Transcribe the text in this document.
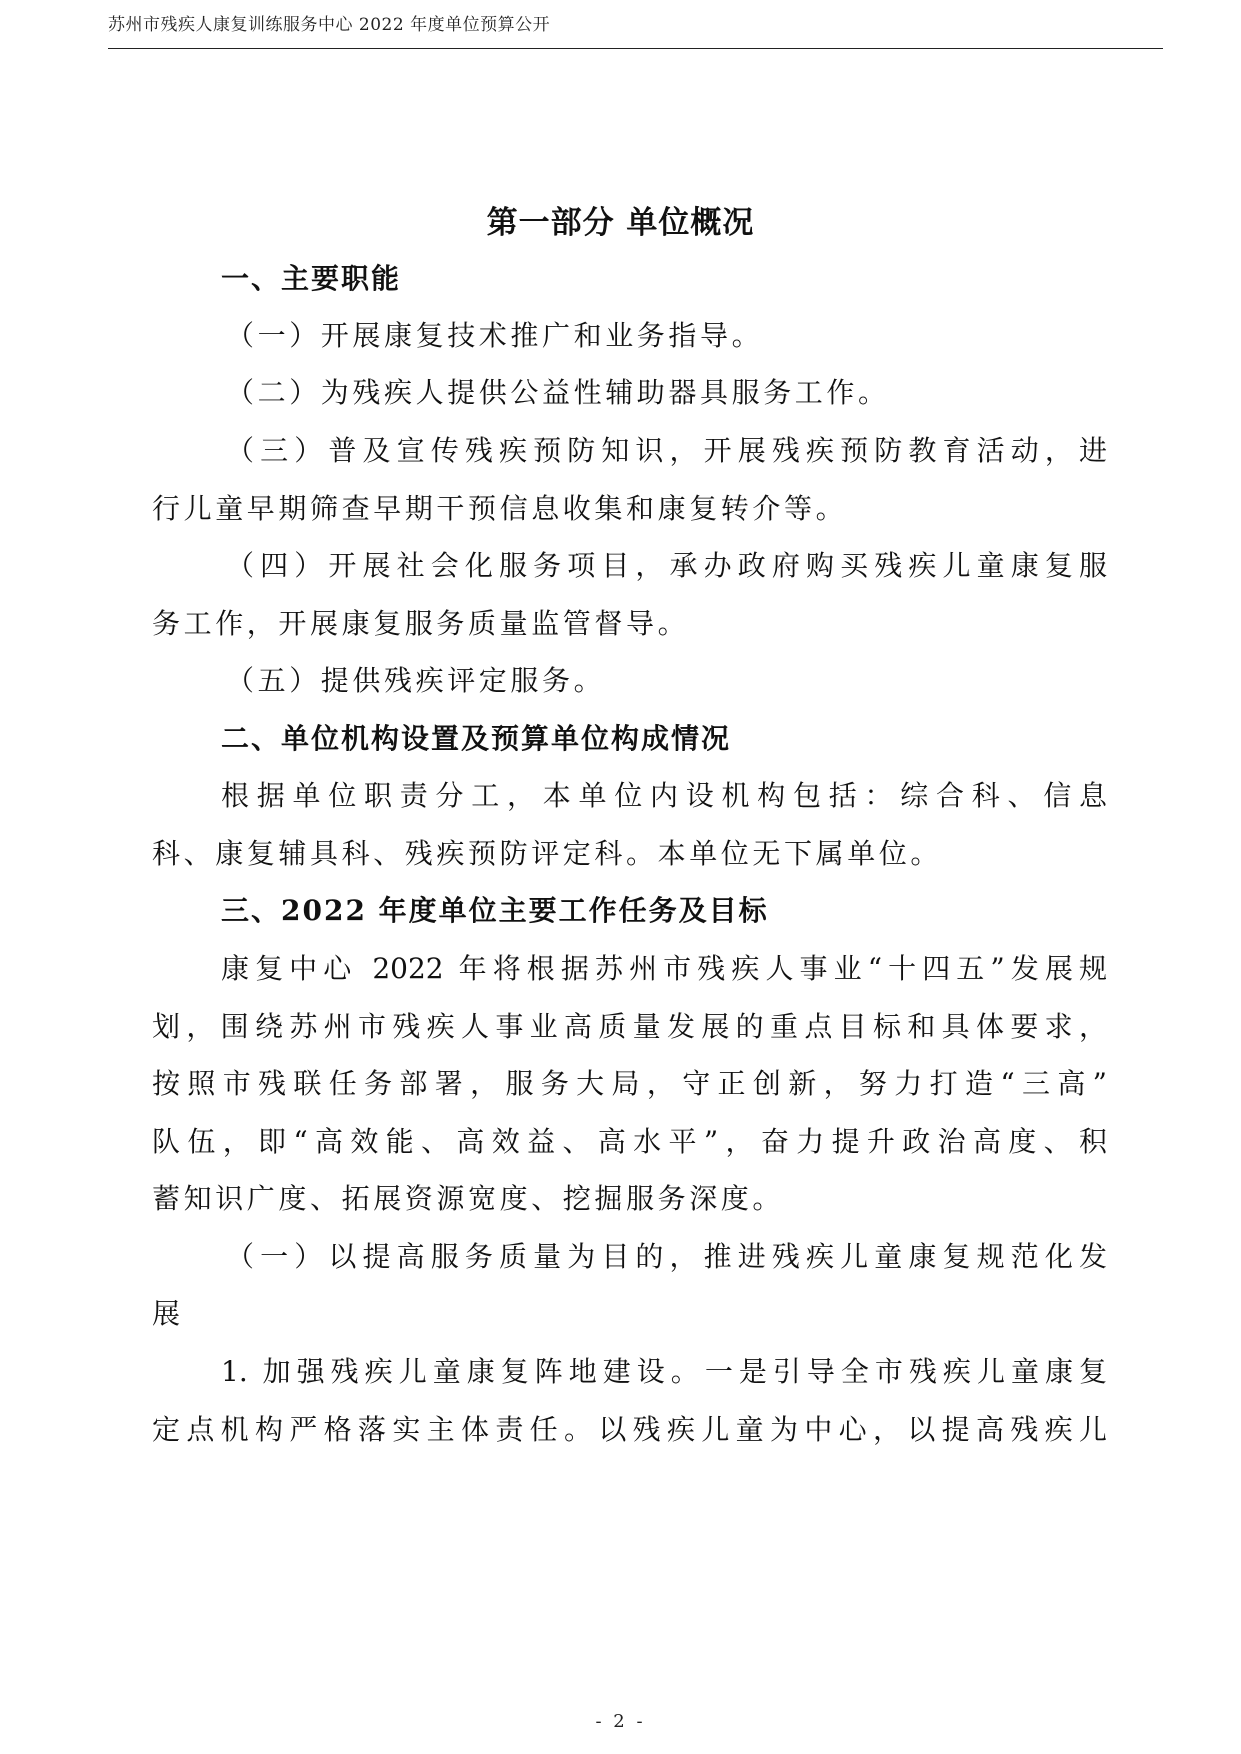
苏州市残疾人康复训练服务中心 2022 年度单位预算公开
第一部分 单位概况
一、主要职能
（一）开展康复技术推广和业务指导。
（二）为残疾人提供公益性辅助器具服务工作。
（三）普及宣传残疾预防知识，开展残疾预防教育活动，进
行儿童早期筛查早期干预信息收集和康复转介等。
（四）开展社会化服务项目，承办政府购买残疾儿童康复服
务工作，开展康复服务质量监管督导。
（五）提供残疾评定服务。
二、单位机构设置及预算单位构成情况
根据单位职责分工，本单位内设机构包括：综合科、信息
科、康复辅具科、残疾预防评定科。本单位无下属单位。
三、2022 年度单位主要工作任务及目标
康复中心 2022 年将根据苏州市残疾人事业“十四五”发展规
划，围绕苏州市残疾人事业高质量发展的重点目标和具体要求，
按照市残联任务部署，服务大局，守正创新，努力打造“三高”
队伍，即“高效能、高效益、高水平”，奋力提升政治高度、积
蓄知识广度、拓展资源宽度、挖掘服务深度。
（一）以提高服务质量为目的，推进残疾儿童康复规范化发
展
1. 加强残疾儿童康复阵地建设。一是引导全市残疾儿童康复
定点机构严格落实主体责任。以残疾儿童为中心，以提高残疾儿
- 2 -
